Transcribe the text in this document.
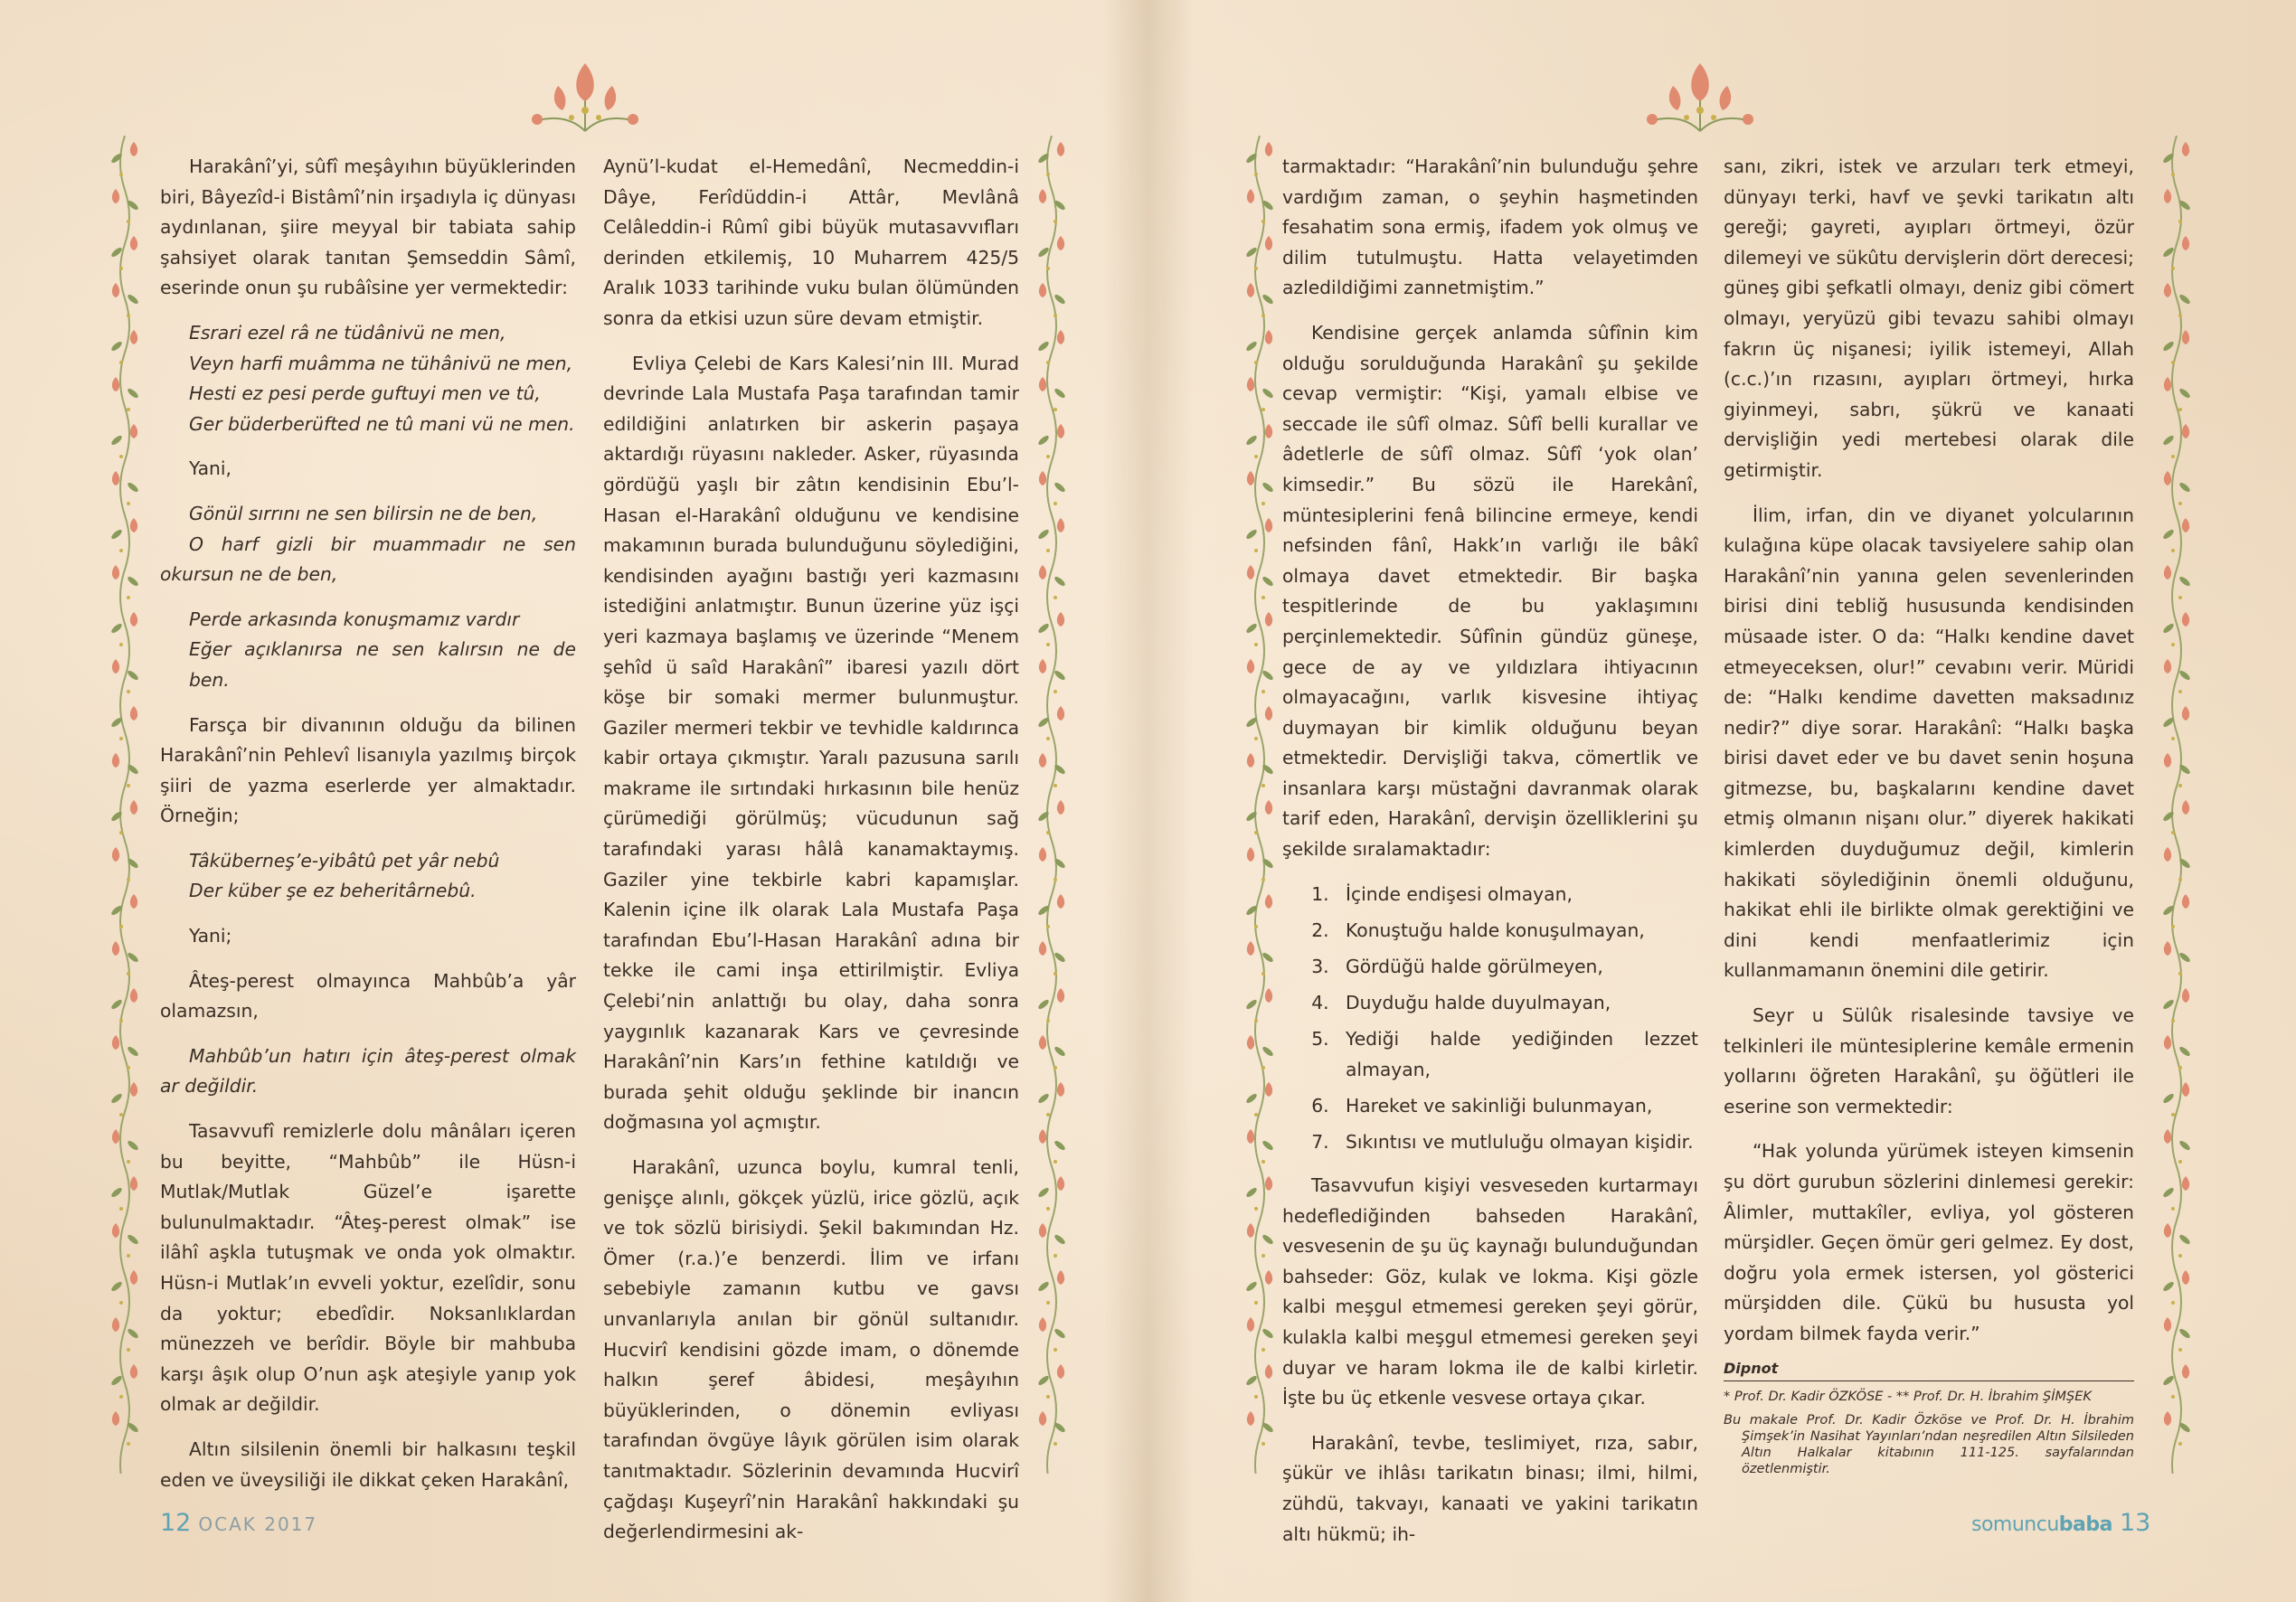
Harakânî’yi, sûfî meşâyıhın büyüklerinden biri, Bâyezîd-i Bistâmî’nin irşadıyla iç dünyası aydınlanan, şiire meyyal bir tabiata sahip şahsiyet olarak tanıtan Şemseddin Sâmî, eserinde onun şu rubâîsine yer vermektedir:

Esrari ezel râ ne tüdânivü ne men,
Veyn harfi muâmma ne tühânivü ne men,
Hesti ez pesi perde guftuyi men ve tû,
Ger büderberüfted ne tû mani vü ne men.

Yani,

Gönül sırrını ne sen bilirsin ne de ben,
O harf gizli bir muammadır ne sen okursun ne de ben,

Perde arkasında konuşmamız vardır
Eğer açıklanırsa ne sen kalırsın ne de ben.

Farsça bir divanının olduğu da bilinen Harakânî’nin Pehlevî lisanıyla yazılmış birçok şiiri de yazma eserlerde yer almaktadır. Örneğin;

Tâküberneş’e-yibâtû pet yâr nebû
Der küber şe ez beheritârnebû.

Yani;

Âteş-perest olmayınca Mahbûb’a yâr olamazsın,

Mahbûb’un hatırı için âteş-perest olmak ar değildir.

Tasavvufî remizlerle dolu mânâları içeren bu beyitte, “Mahbûb” ile Hüsn-i Mutlak/Mutlak Güzel’e işarette bulunulmaktadır. “Âteş-perest olmak” ise ilâhî aşkla tutuşmak ve onda yok olmaktır. Hüsn-i Mutlak’ın evveli yoktur, ezelîdir, sonu da yoktur; ebedîdir. Noksanlıklardan münezzeh ve berîdir. Böyle bir mahbuba karşı âşık olup O’nun aşk ateşiyle yanıp yok olmak ar değildir.

Altın silsilenin önemli bir halkasını teşkil eden ve üveysiliği ile dikkat çeken Harakânî,

Aynü’l-kudat el-Hemedânî, Necmeddin-i Dâye, Ferîdüddin-i Attâr, Mevlânâ Celâleddin-i Rûmî gibi büyük mutasavvıfları derinden etkilemiş, 10 Muharrem 425/5 Aralık 1033 tarihinde vuku bulan ölümünden sonra da etkisi uzun süre devam etmiştir.

Evliya Çelebi de Kars Kalesi’nin III. Murad devrinde Lala Mustafa Paşa tarafından tamir edildiğini anlatırken bir askerin paşaya aktardığı rüyasını nakleder. Asker, rüyasında gördüğü yaşlı bir zâtın kendisinin Ebu’l-Hasan el-Harakânî olduğunu ve kendisine makamının burada bulunduğunu söylediğini, kendisinden ayağını bastığı yeri kazmasını istediğini anlatmıştır. Bunun üzerine yüz işçi yeri kazmaya başlamış ve üzerinde “Menem şehîd ü saîd Harakânî” ibaresi yazılı dört köşe bir somaki mermer bulunmuştur. Gaziler mermeri tekbir ve tevhidle kaldırınca kabir ortaya çıkmıştır. Yaralı pazusuna sarılı makrame ile sırtındaki hırkasının bile henüz çürümediği görülmüş; vücudunun sağ tarafındaki yarası hâlâ kanamaktaymış. Gaziler yine tekbirle kabri kapamışlar. Kalenin içine ilk olarak Lala Mustafa Paşa tarafından Ebu’l-Hasan Harakânî adına bir tekke ile cami inşa ettirilmiştir. Evliya Çelebi’nin anlattığı bu olay, daha sonra yaygınlık kazanarak Kars ve çevresinde Harakânî’nin Kars’ın fethine katıldığı ve burada şehit olduğu şeklinde bir inancın doğmasına yol açmıştır.

Harakânî, uzunca boylu, kumral tenli, genişçe alınlı, gökçek yüzlü, irice gözlü, açık ve tok sözlü birisiydi. Şekil bakımından Hz. Ömer (r.a.)’e benzerdi. İlim ve irfanı sebebiyle zamanın kutbu ve gavsı unvanlarıyla anılan bir gönül sultanıdır. Hucvirî kendisini gözde imam, o dönemde halkın şeref âbidesi, meşâyıhın büyüklerinden, o dönemin evliyası tarafından övgüye lâyık görülen isim olarak tanıtmaktadır. Sözlerinin devamında Hucvirî çağdaşı Kuşeyrî’nin Harakânî hakkındaki şu değerlendirmesini ak-

12 OCAK 2017

tarmaktadır: “Harakânî’nin bulunduğu şehre vardığım zaman, o şeyhin haşmetinden fesahatim sona ermiş, ifadem yok olmuş ve dilim tutulmuştu. Hatta velayetimden azledildiğimi zannetmiştim.”

Kendisine gerçek anlamda sûfînin kim olduğu sorulduğunda Harakânî şu şekilde cevap vermiştir: “Kişi, yamalı elbise ve seccade ile sûfî olmaz. Sûfî belli kurallar ve âdetlerle de sûfî olmaz. Sûfî ‘yok olan’ kimsedir.” Bu sözü ile Harekânî, müntesiplerini fenâ bilincine ermeye, kendi nefsinden fânî, Hakk’ın varlığı ile bâkî olmaya davet etmektedir. Bir başka tespitlerinde de bu yaklaşımını perçinlemektedir. Sûfînin gündüz güneşe, gece de ay ve yıldızlara ihtiyacının olmayacağını, varlık kisvesine ihtiyaç duymayan bir kimlik olduğunu beyan etmektedir. Dervişliği takva, cömertlik ve insanlara karşı müstağni davranmak olarak tarif eden, Harakânî, dervişin özelliklerini şu şekilde sıralamaktadır:

1. İçinde endişesi olmayan,
2. Konuştuğu halde konuşulmayan,
3. Gördüğü halde görülmeyen,
4. Duyduğu halde duyulmayan,
5. Yediği halde yediğinden lezzet almayan,
6. Hareket ve sakinliği bulunmayan,
7. Sıkıntısı ve mutluluğu olmayan kişidir.

Tasavvufun kişiyi vesveseden kurtarmayı hedeflediğinden bahseden Harakânî, vesvesenin de şu üç kaynağı bulunduğundan bahseder: Göz, kulak ve lokma. Kişi gözle kalbi meşgul etmemesi gereken şeyi görür, kulakla kalbi meşgul etmemesi gereken şeyi duyar ve haram lokma ile de kalbi kirletir. İşte bu üç etkenle vesvese ortaya çıkar.

Harakânî, tevbe, teslimiyet, rıza, sabır, şükür ve ihlâsı tarikatın binası; ilmi, hilmi, zühdü, takvayı, kanaati ve yakini tarikatın altı hükmü; ih-

sanı, zikri, istek ve arzuları terk etmeyi, dünyayı terki, havf ve şevki tarikatın altı gereği; gayreti, ayıpları örtmeyi, özür dilemeyi ve sükûtu dervişlerin dört derecesi; güneş gibi şefkatli olmayı, deniz gibi cömert olmayı, yeryüzü gibi tevazu sahibi olmayı fakrın üç nişanesi; iyilik istemeyi, Allah (c.c.)’ın rızasını, ayıpları örtmeyi, hırka giyinmeyi, sabrı, şükrü ve kanaati dervişliğin yedi mertebesi olarak dile getirmiştir.

İlim, irfan, din ve diyanet yolcularının kulağına küpe olacak tavsiyelere sahip olan Harakânî’nin yanına gelen sevenlerinden birisi dini tebliğ hususunda kendisinden müsaade ister. O da: “Halkı kendine davet etmeyeceksen, olur!” cevabını verir. Müridi de: “Halkı kendime davetten maksadınız nedir?” diye sorar. Harakânî: “Halkı başka birisi davet eder ve bu davet senin hoşuna gitmezse, bu, başkalarını kendine davet etmiş olmanın nişanı olur.” diyerek hakikati kimlerden duyduğumuz değil, kimlerin hakikati söylediğinin önemli olduğunu, hakikat ehli ile birlikte olmak gerektiğini ve dini kendi menfaatlerimiz için kullanmamanın önemini dile getirir.

Seyr u Sülûk risalesinde tavsiye ve telkinleri ile müntesiplerine kemâle ermenin yollarını öğreten Harakânî, şu öğütleri ile eserine son vermektedir:

“Hak yolunda yürümek isteyen kimsenin şu dört gurubun sözlerini dinlemesi gerekir: Âlimler, muttakîler, evliya, yol gösteren mürşidler. Geçen ömür geri gelmez. Ey dost, doğru yola ermek istersen, yol gösterici mürşidden dile. Çükü bu hususta yol yordam bilmek fayda verir.”

Dipnot
* Prof. Dr. Kadir ÖZKÖSE - ** Prof. Dr. H. İbrahim ŞİMŞEK
Bu makale Prof. Dr. Kadir Özköse ve Prof. Dr. H. İbrahim Şimşek’in Nasihat Yayınları’ndan neşredilen Altın Silsileden Altın Halkalar kitabının 111-125. sayfalarından özetlenmiştir.
somuncubaba 13
